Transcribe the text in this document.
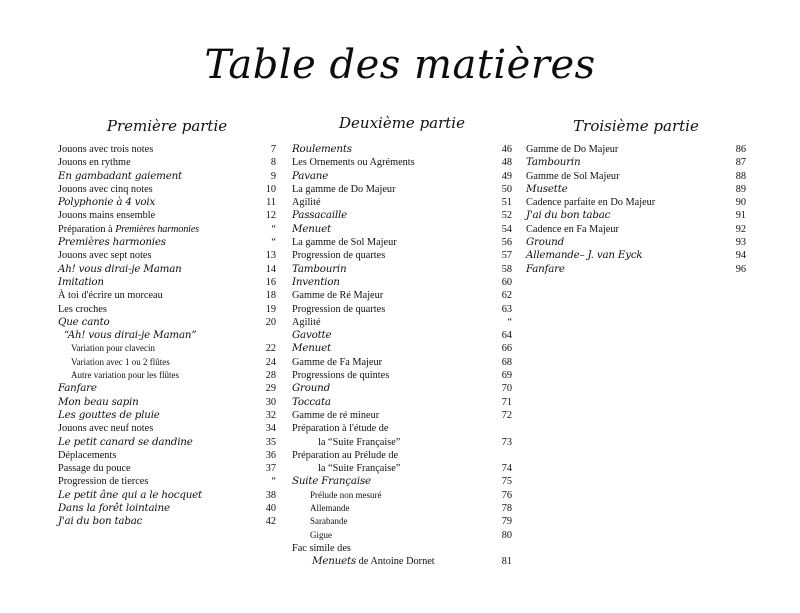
Table des matières
Première partie
Jouons avec trois notes	7
Jouons en rythme	8
En gambadant gaiement	9
Jouons avec cinq notes	10
Polyphonie à 4 voix	11
Jouons mains ensemble	12
Préparation à Premières harmonies	“
Premières harmonies	“
Jouons avec sept notes	13
Ah! vous dirai-je Maman	14
Imitation	16
À toi d'écrire un morceau	18
Les croches	19
Que canto	20
“Ah! vous dirai-je Maman”
Variation pour clavecin	22
Variation avec 1 ou 2 flûtes	24
Autre variation pour les flûtes	28
Fanfare	29
Mon beau sapin	30
Les gouttes de pluie	32
Jouons avec neuf notes	34
Le petit canard se dandine	35
Déplacements	36
Passage du pouce	37
Progression de tierces	“
Le petit âne qui a le hocquet	38
Dans la forêt lointaine	40
J'ai du bon tabac	42
Deuxième partie
Roulements	46
Les Ornements ou Agréments	48
Pavane	49
La gamme de Do Majeur	50
Agilité	51
Passacaille	52
Menuet	54
La gamme de Sol Majeur	56
Progression de quartes	57
Tambourin	58
Invention	60
Gamme de Ré Majeur	62
Progression de quartes	63
Agilité	“
Gavotte	64
Menuet	66
Gamme de Fa Majeur	68
Progressions de quintes	69
Ground	70
Toccata	71
Gamme de ré mineur	72
Préparation à l'étude de
la “Suite Française”	73
Préparation au Prélude de
la “Suite Française”	74
Suite Française	75
Prélude non mesuré	76
Allemande	78
Sarabande	79
Gigue	80
Fac simile des
Menuets de Antoine Dornet	81
Troisième partie
Gamme de Do Majeur	86
Tambourin	87
Gamme de Sol Majeur	88
Musette	89
Cadence parfaite en Do Majeur	90
J'ai du bon tabac	91
Cadence en Fa Majeur	92
Ground	93
Allemande– J. van Eyck	94
Fanfare	96
